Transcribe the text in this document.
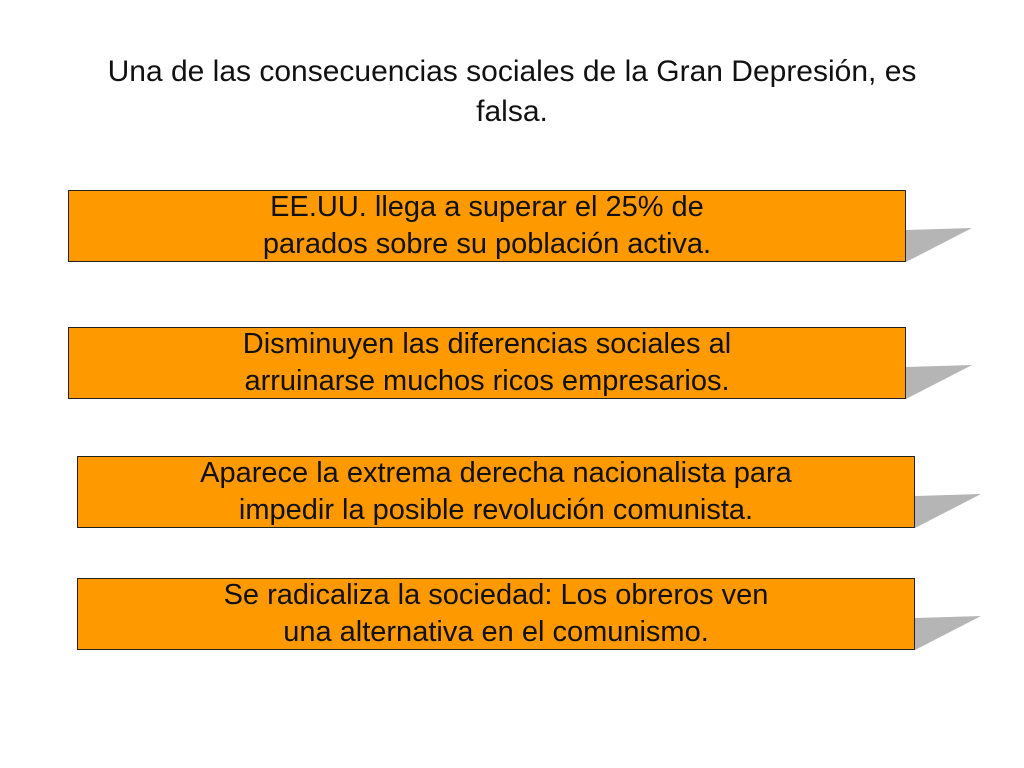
Una de las consecuencias sociales de la Gran Depresión, es
falsa.
EE.UU. llega a superar el 25% de
parados sobre su población activa.
Disminuyen las diferencias sociales al
arruinarse muchos ricos empresarios.
Aparece la extrema derecha nacionalista para
impedir la posible revolución comunista.
Se radicaliza la sociedad: Los obreros ven
una alternativa en el comunismo.
